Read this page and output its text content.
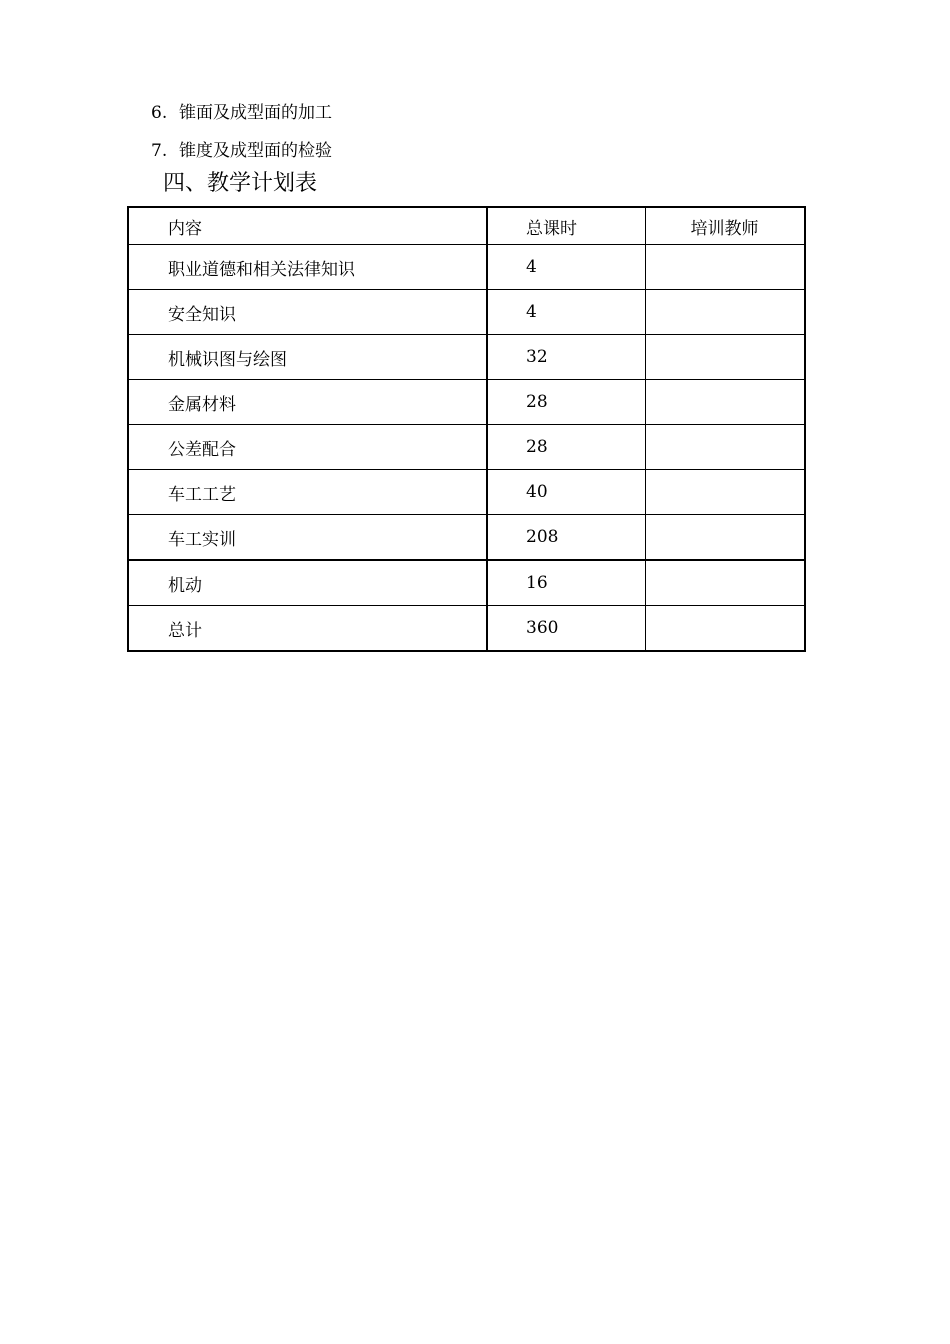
6. 锥面及成型面的加工
7. 锥度及成型面的检验
四、教学计划表
内容	总课时	培训教师
职业道德和相关法律知识	4	
安全知识	4	
机械识图与绘图	32	
金属材料	28	
公差配合	28	
车工工艺	40	
车工实训	208	
机动	16	
总计	360	
